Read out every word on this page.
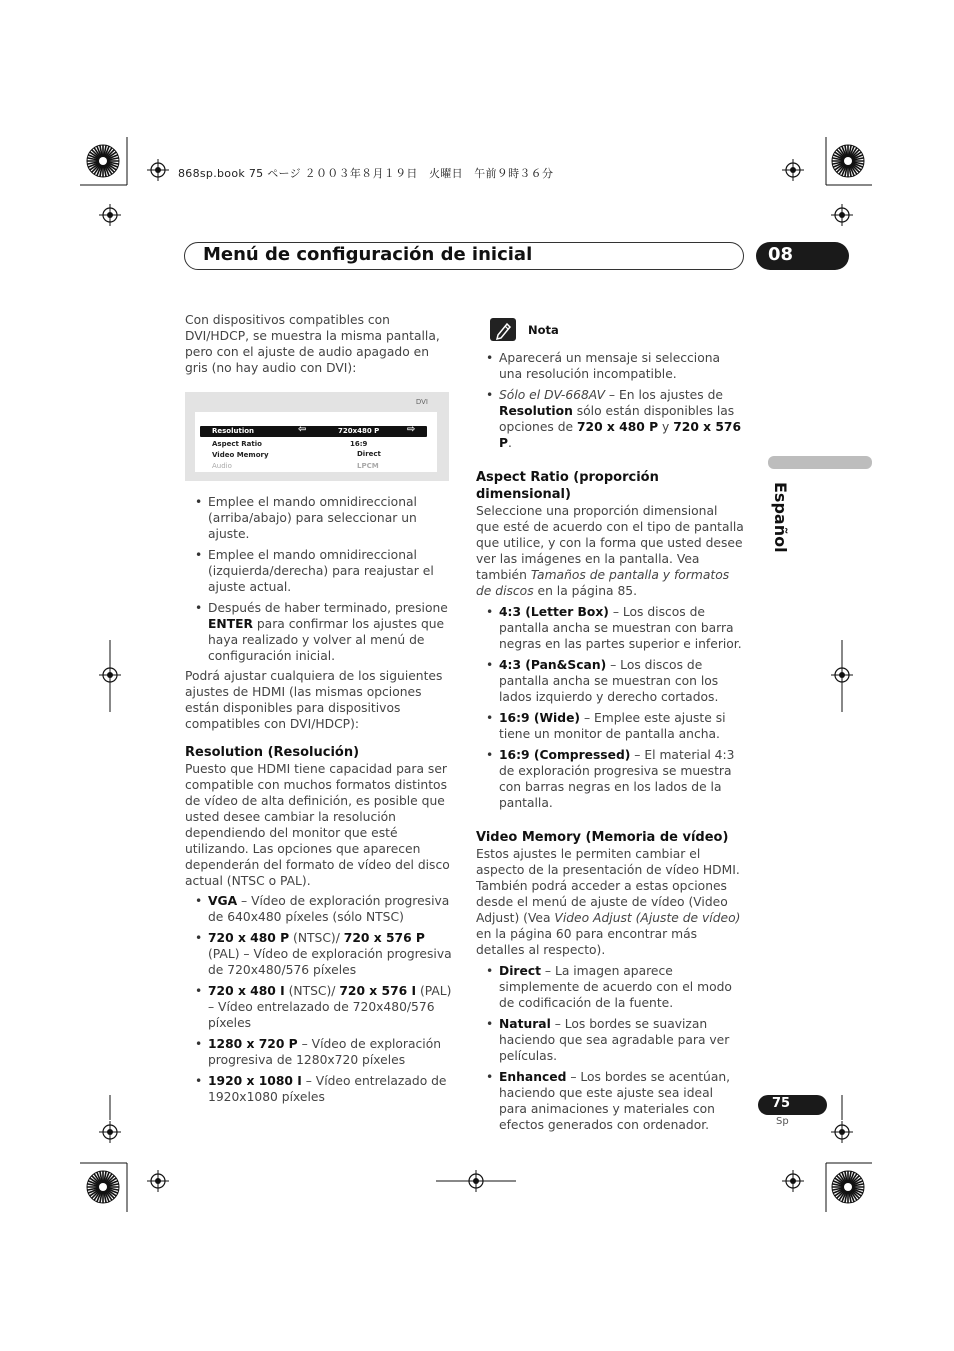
868sp.book 75 ページ ２００３年８月１９日　火曜日　午前９時３６分
Menú de configuración de inicial	08
Español

Con dispositivos compatibles con DVI/HDCP, se muestra la misma pantalla, pero con el ajuste de audio apagado en gris (no hay audio con DVI):

DVI
Resolution	⇦	720x480 P	⇨
Aspect Ratio	16:9
Video Memory	Direct
Audio	LPCM

• Emplee el mando omnidireccional (arriba/abajo) para seleccionar un ajuste.

• Emplee el mando omnidireccional (izquierda/derecha) para reajustar el ajuste actual.

• Después de haber terminado, presione ENTER para confirmar los ajustes que haya realizado y volver al menú de configuración inicial.

Podrá ajustar cualquiera de los siguientes ajustes de HDMI (las mismas opciones están disponibles para dispositivos compatibles con DVI/HDCP):

Resolution (Resolución)

Puesto que HDMI tiene capacidad para ser compatible con muchos formatos distintos de vídeo de alta definición, es posible que usted desee cambiar la resolución dependiendo del monitor que esté utilizando. Las opciones que aparecen dependerán del formato de vídeo del disco actual (NTSC o PAL).

• VGA – Vídeo de exploración progresiva de 640x480 píxeles (sólo NTSC)

• 720 x 480 P (NTSC)/ 720 x 576 P (PAL) – Vídeo de exploración progresiva de 720x480/576 píxeles

• 720 x 480 I (NTSC)/ 720 x 576 I (PAL) – Vídeo entrelazado de 720x480/576 píxeles

• 1280 x 720 P – Vídeo de exploración progresiva de 1280x720 píxeles

• 1920 x 1080 I – Vídeo entrelazado de 1920x1080 píxeles

Nota

• Aparecerá un mensaje si selecciona una resolución incompatible.

• Sólo el DV-668AV – En los ajustes de Resolution sólo están disponibles las opciones de 720 x 480 P y 720 x 576 P.

Aspect Ratio (proporción dimensional)

Seleccione una proporción dimensional que esté de acuerdo con el tipo de pantalla que utilice, y con la forma que usted desee ver las imágenes en la pantalla. Vea también Tamaños de pantalla y formatos de discos en la página 85.

• 4:3 (Letter Box) – Los discos de pantalla ancha se muestran con barra negras en las partes superior e inferior.

• 4:3 (Pan&Scan) – Los discos de pantalla ancha se muestran con los lados izquierdo y derecho cortados.

• 16:9 (Wide) – Emplee este ajuste si tiene un monitor de pantalla ancha.

• 16:9 (Compressed) – El material 4:3 de exploración progresiva se muestra con barras negras en los lados de la pantalla.

Video Memory (Memoria de vídeo)

Estos ajustes le permiten cambiar el aspecto de la presentación de vídeo HDMI. También podrá acceder a estas opciones desde el menú de ajuste de vídeo (Video Adjust) (Vea Video Adjust (Ajuste de vídeo) en la página 60 para encontrar más detalles al respecto).

• Direct – La imagen aparece simplemente de acuerdo con el modo de codificación de la fuente.

• Natural – Los bordes se suavizan haciendo que sea agradable para ver películas.

• Enhanced – Los bordes se acentúan, haciendo que este ajuste sea ideal para animaciones y materiales con efectos generados con ordenador.

75
Sp
